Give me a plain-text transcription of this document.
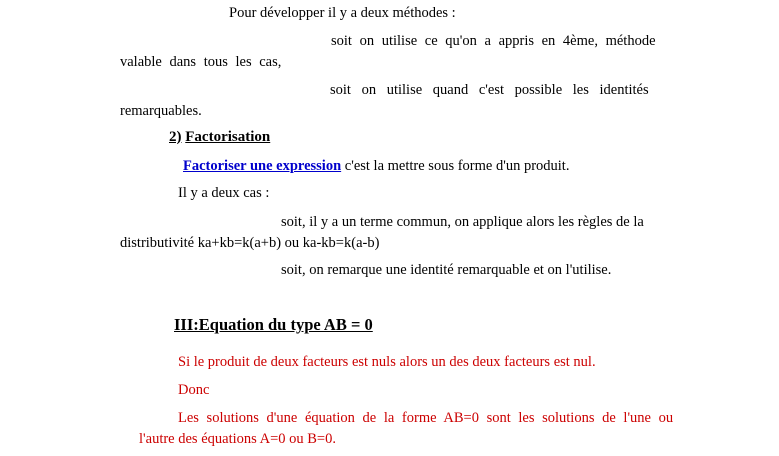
Pour développer il y a deux méthodes :
soit on utilise ce qu'on a appris en 4ème, méthode
valable dans tous les cas,
soit on utilise quand c'est possible les identités
remarquables.
2) Factorisation
Factoriser une expression c'est la mettre sous forme d'un produit.
Il y a deux cas :
soit, il y a un terme commun, on applique alors les règles de la
distributivité ka+kb=k(a+b) ou ka-kb=k(a-b)
soit, on remarque une identité remarquable et on l'utilise.
III:Equation du type AB = 0
Si le produit de deux facteurs est nuls alors un des deux facteurs est nul.
Donc
Les solutions d'une équation de la forme AB=0 sont les solutions de l'une ou
l'autre des équations A=0 ou B=0.
